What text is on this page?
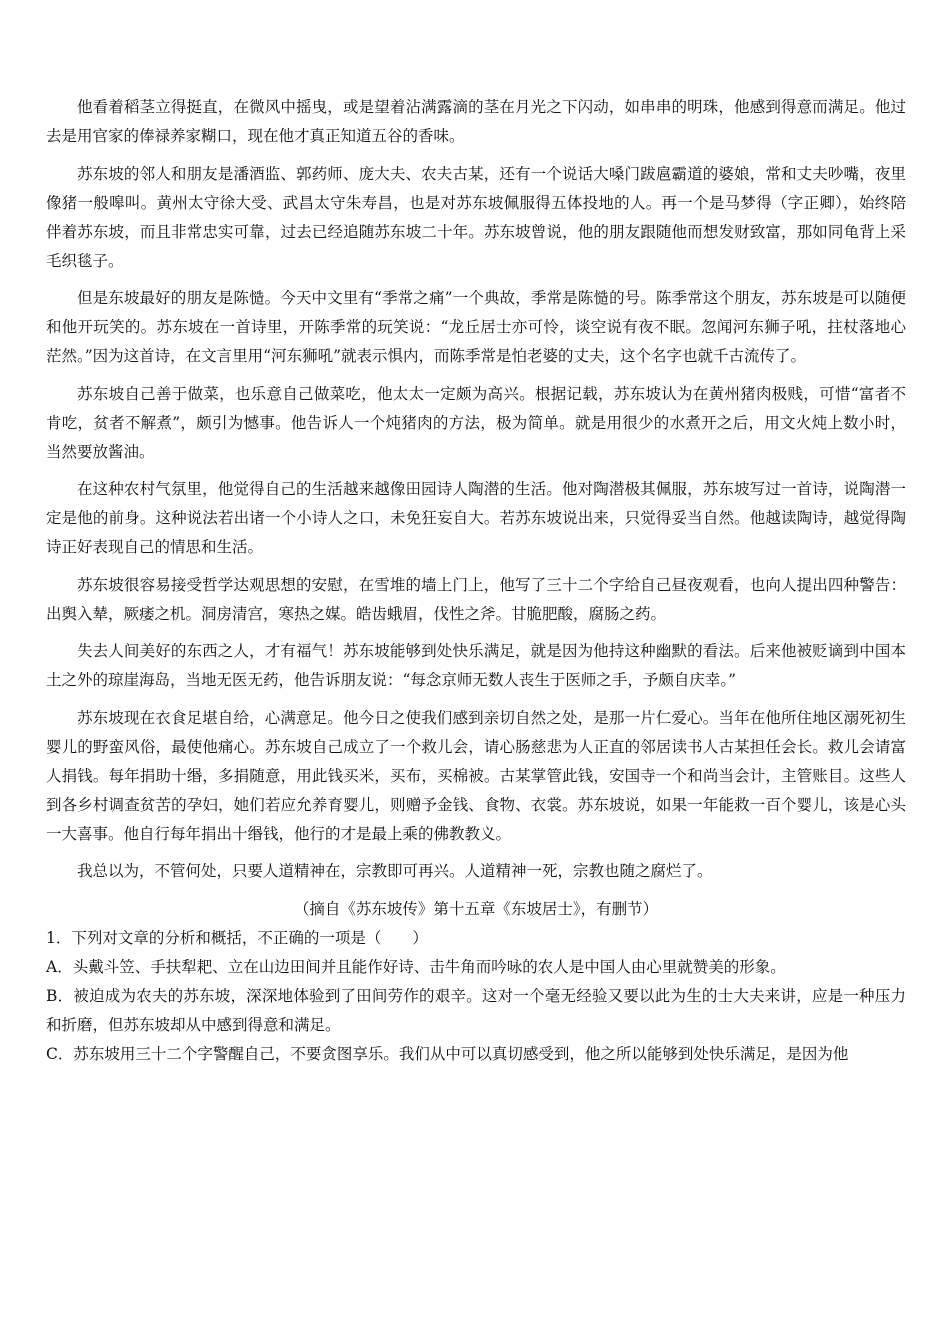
他看着稻茎立得挺直，在微风中摇曳，或是望着沾满露滴的茎在月光之下闪动，如串串的明珠，他感到得意而满足。他过去是用官家的俸禄养家糊口，现在他才真正知道五谷的香味。

苏东坡的邻人和朋友是潘酒监、郭药师、庞大夫、农夫古某，还有一个说话大嗓门跋扈霸道的婆娘，常和丈夫吵嘴，夜里像猪一般嗥叫。黄州太守徐大受、武昌太守朱寿昌，也是对苏东坡佩服得五体投地的人。再一个是马梦得（字正卿），始终陪伴着苏东坡，而且非常忠实可靠，过去已经追随苏东坡二十年。苏东坡曾说，他的朋友跟随他而想发财致富，那如同龟背上采毛织毯子。

但是东坡最好的朋友是陈慥。今天中文里有“季常之痛”一个典故，季常是陈慥的号。陈季常这个朋友，苏东坡是可以随便和他开玩笑的。苏东坡在一首诗里，开陈季常的玩笑说：“龙丘居士亦可怜，谈空说有夜不眠。忽闻河东狮子吼，拄杖落地心茫然。”因为这首诗，在文言里用“河东狮吼”就表示惧内，而陈季常是怕老婆的丈夫，这个名字也就千古流传了。

苏东坡自己善于做菜，也乐意自己做菜吃，他太太一定颇为高兴。根据记载，苏东坡认为在黄州猪肉极贱，可惜“富者不肯吃，贫者不解煮”，颇引为憾事。他告诉人一个炖猪肉的方法，极为简单。就是用很少的水煮开之后，用文火炖上数小时，当然要放酱油。

在这种农村气氛里，他觉得自己的生活越来越像田园诗人陶潜的生活。他对陶潜极其佩服，苏东坡写过一首诗，说陶潜一定是他的前身。这种说法若出诸一个小诗人之口，未免狂妄自大。若苏东坡说出来，只觉得妥当自然。他越读陶诗，越觉得陶诗正好表现自己的情思和生活。

苏东坡很容易接受哲学达观思想的安慰，在雪堆的墙上门上，他写了三十二个字给自己昼夜观看，也向人提出四种警告：出舆入辇，厥痿之机。洞房清宫，寒热之媒。皓齿蛾眉，伐性之斧。甘脆肥酸，腐肠之药。

失去人间美好的东西之人，才有福气！苏东坡能够到处快乐满足，就是因为他持这种幽默的看法。后来他被贬谪到中国本土之外的琼崖海岛，当地无医无药，他告诉朋友说：“每念京师无数人丧生于医师之手，予颇自庆幸。”

苏东坡现在衣食足堪自给，心满意足。他今日之使我们感到亲切自然之处，是那一片仁爱心。当年在他所住地区溺死初生婴儿的野蛮风俗，最使他痛心。苏东坡自己成立了一个救儿会，请心肠慈悲为人正直的邻居读书人古某担任会长。救儿会请富人捐钱。每年捐助十缗，多捐随意，用此钱买米，买布，买棉被。古某掌管此钱，安国寺一个和尚当会计，主管账目。这些人到各乡村调查贫苦的孕妇，她们若应允养育婴儿，则赠予金钱、食物、衣裳。苏东坡说，如果一年能救一百个婴儿，该是心头一大喜事。他自行每年捐出十缗钱，他行的才是最上乘的佛教教义。

我总以为，不管何处，只要人道精神在，宗教即可再兴。人道精神一死，宗教也随之腐烂了。

（摘自《苏东坡传》第十五章《东坡居士》，有删节）

1．下列对文章的分析和概括，不正确的一项是（　　）

A．头戴斗笠、手扶犁耙、立在山边田间并且能作好诗、击牛角而吟咏的农人是中国人由心里就赞美的形象。

B．被迫成为农夫的苏东坡，深深地体验到了田间劳作的艰辛。这对一个毫无经验又要以此为生的士大夫来讲，应是一种压力和折磨，但苏东坡却从中感到得意和满足。

C．苏东坡用三十二个字警醒自己，不要贪图享乐。我们从中可以真切感受到，他之所以能够到处快乐满足，是因为他
